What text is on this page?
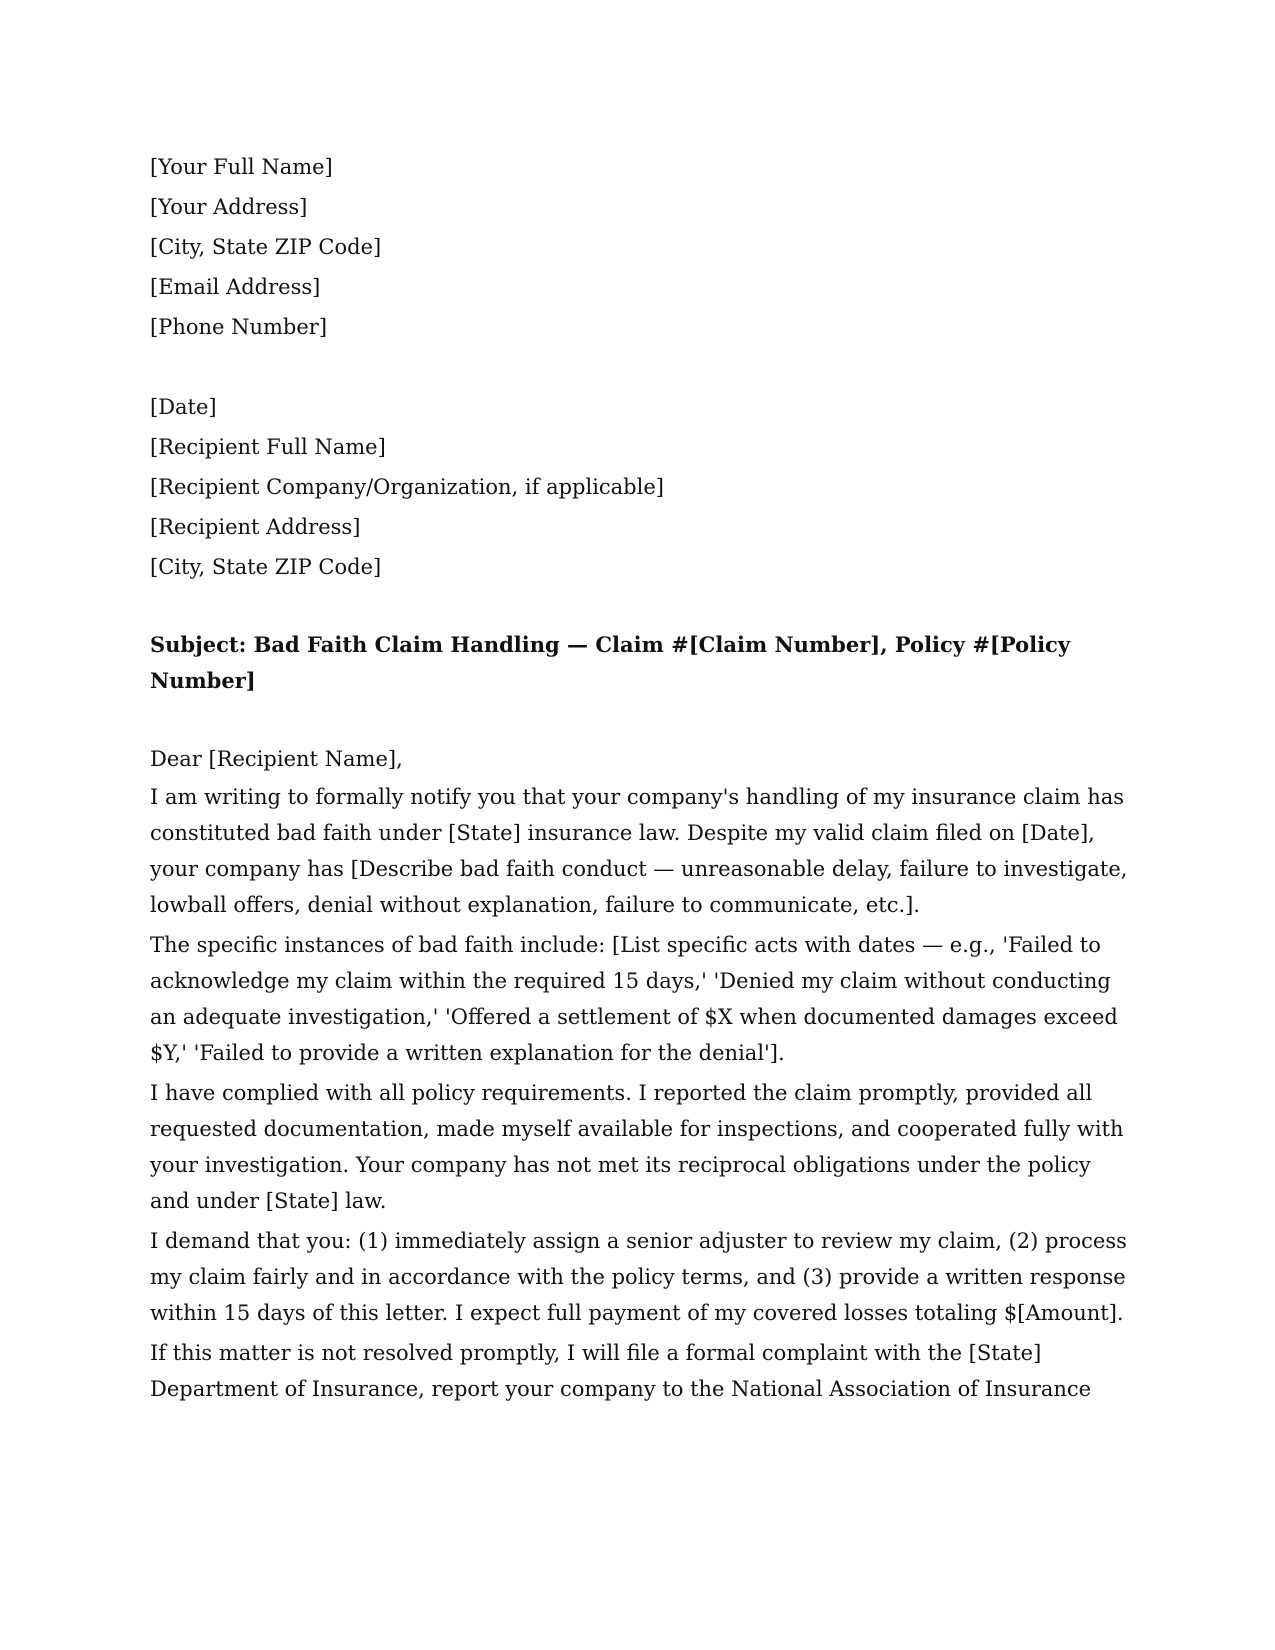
[Your Full Name]
[Your Address]
[City, State ZIP Code]
[Email Address]
[Phone Number]
[Date]
[Recipient Full Name]
[Recipient Company/Organization, if applicable]
[Recipient Address]
[City, State ZIP Code]
Subject: Bad Faith Claim Handling — Claim #[Claim Number], Policy #[Policy Number]
Dear [Recipient Name],

I am writing to formally notify you that your company's handling of my insurance claim has constituted bad faith under [State] insurance law. Despite my valid claim filed on [Date], your company has [Describe bad faith conduct — unreasonable delay, failure to investigate, lowball offers, denial without explanation, failure to communicate, etc.].

The specific instances of bad faith include: [List specific acts with dates — e.g., 'Failed to acknowledge my claim within the required 15 days,' 'Denied my claim without conducting an adequate investigation,' 'Offered a settlement of $X when documented damages exceed $Y,' 'Failed to provide a written explanation for the denial'].

I have complied with all policy requirements. I reported the claim promptly, provided all requested documentation, made myself available for inspections, and cooperated fully with your investigation. Your company has not met its reciprocal obligations under the policy and under [State] law.

I demand that you: (1) immediately assign a senior adjuster to review my claim, (2) process my claim fairly and in accordance with the policy terms, and (3) provide a written response within 15 days of this letter. I expect full payment of my covered losses totaling $[Amount].

If this matter is not resolved promptly, I will file a formal complaint with the [State] Department of Insurance, report your company to the National Association of Insurance
